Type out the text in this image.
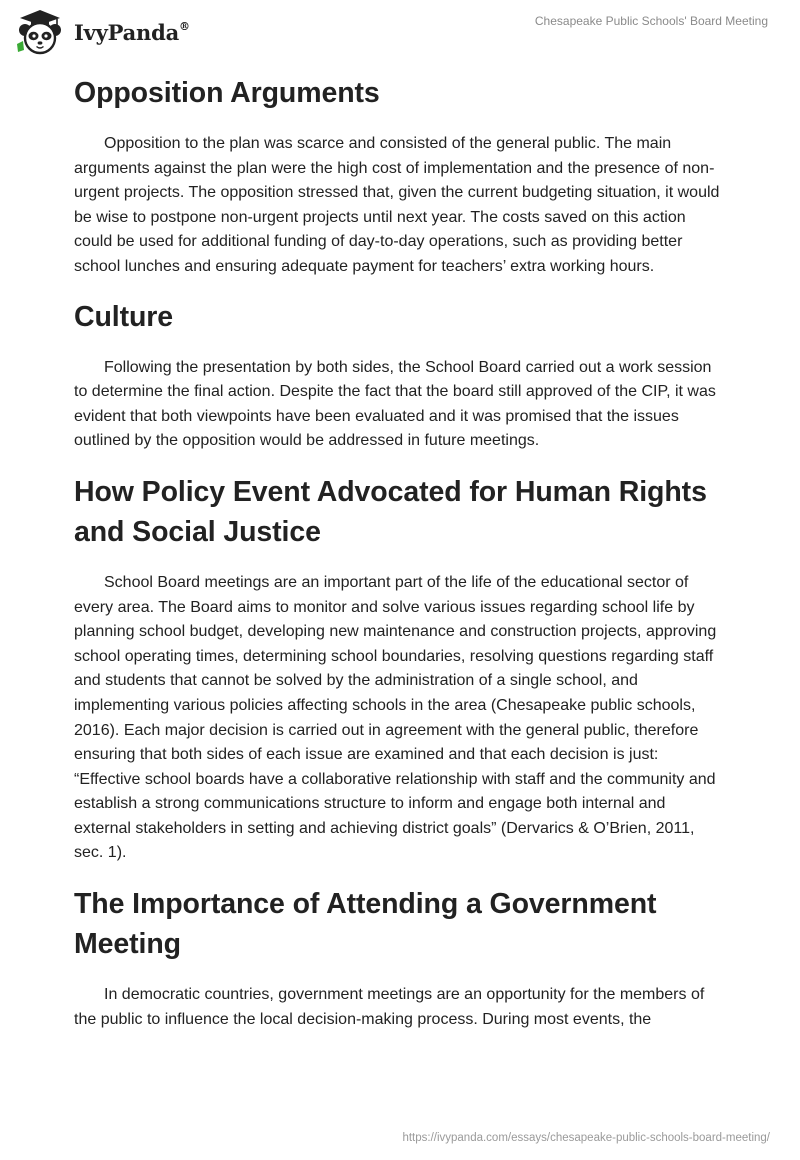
IvyPanda®	Chesapeake Public Schools' Board Meeting
Opposition Arguments

Opposition to the plan was scarce and consisted of the general public. The main arguments against the plan were the high cost of implementation and the presence of non-urgent projects. The opposition stressed that, given the current budgeting situation, it would be wise to postpone non-urgent projects until next year. The costs saved on this action could be used for additional funding of day-to-day operations, such as providing better school lunches and ensuring adequate payment for teachers’ extra working hours.

Culture

Following the presentation by both sides, the School Board carried out a work session to determine the final action. Despite the fact that the board still approved of the CIP, it was evident that both viewpoints have been evaluated and it was promised that the issues outlined by the opposition would be addressed in future meetings.

How Policy Event Advocated for Human Rights and Social Justice

School Board meetings are an important part of the life of the educational sector of every area. The Board aims to monitor and solve various issues regarding school life by planning school budget, developing new maintenance and construction projects, approving school operating times, determining school boundaries, resolving questions regarding staff and students that cannot be solved by the administration of a single school, and implementing various policies affecting schools in the area (Chesapeake public schools, 2016). Each major decision is carried out in agreement with the general public, therefore ensuring that both sides of each issue are examined and that each decision is just: “Effective school boards have a collaborative relationship with staff and the community and establish a strong communications structure to inform and engage both internal and external stakeholders in setting and achieving district goals” (Dervarics & O’Brien, 2011, sec. 1).

The Importance of Attending a Government Meeting

In democratic countries, government meetings are an opportunity for the members of the public to influence the local decision-making process. During most events, the

https://ivypanda.com/essays/chesapeake-public-schools-board-meeting/
